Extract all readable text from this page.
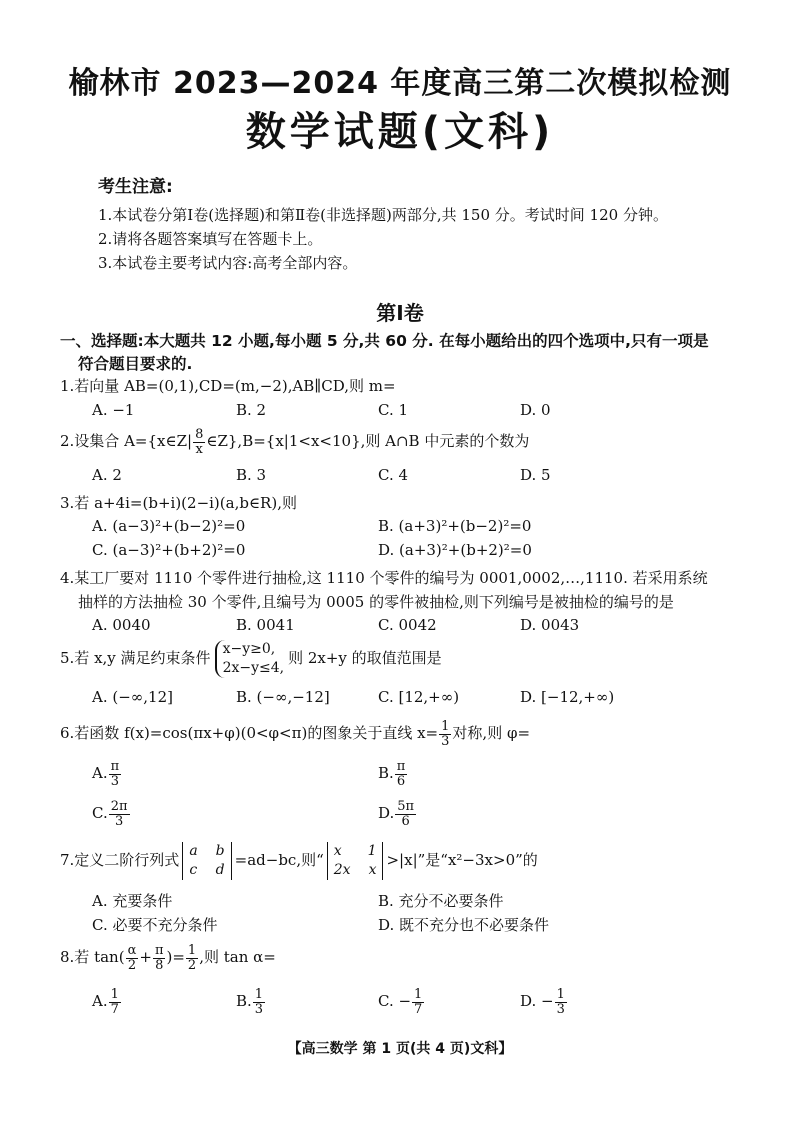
榆林市 2023—2024 年度高三第二次模拟检测
数学试题(文科)
考生注意:
1.本试卷分第Ⅰ卷(选择题)和第Ⅱ卷(非选择题)两部分,共 150 分。考试时间 120 分钟。
2.请将各题答案填写在答题卡上。
3.本试卷主要考试内容:高考全部内容。
第Ⅰ卷
一、选择题:本大题共 12 小题,每小题 5 分,共 60 分. 在每小题给出的四个选项中,只有一项是
符合题目要求的.
1.若向量 AB=(0,1),CD=(m,−2),AB∥CD,则 m=
A. −1	B. 2	C. 1	D. 0
2.设集合 A={x∈Z| $\frac{8}{x}$ ∈Z},B={x|1<x<10},则 A∩B 中元素的个数为
A. 2	B. 3	C. 4	D. 5
3.若 a+4i=(b+i)(2−i)(a,b∈R),则
A. (a−3)²+(b−2)²=0	B. (a+3)²+(b−2)²=0
C. (a−3)²+(b+2)²=0	D. (a+3)²+(b+2)²=0
4.某工厂要对 1110 个零件进行抽检,这 1110 个零件的编号为 0001,0002,…,1110. 若采用系统
抽样的方法抽检 30 个零件,且编号为 0005 的零件被抽检,则下列编号是被抽检的编号的是
A. 0040	B. 0041	C. 0042	D. 0043
5.若 x,y 满足约束条件 x−y≥0,
2x−y≤4,
则 2x+y 的取值范围是
A. (−∞,12]	B. (−∞,−12]	C. [12,+∞)	D. [−12,+∞)
6.若函数 f(x)=cos(πx+φ)(0<φ<π)的图象关于直线 $x= \frac{1}{3}$ 对称,则 φ=
A. $\frac{\pi}{3}$	B. $\frac{\pi}{6}$
C. $\frac{2\pi}{3}$	D. $\frac{5\pi}{6}$
7.定义二阶行列式 a b
c d
=ad−bc,则“ x 1
2x x
>|x|”是“x²−3x>0”的
A. 充要条件	B. 充分不必要条件
C. 必要不充分条件	D. 既不充分也不必要条件
8.若 $\tan( \frac{\alpha}{2} + \frac{\pi}{8}$ )= $\frac{1}{2}$ ,则 tan α=
A. $\frac{1}{7}$	B. $\frac{1}{3}$	C. − $\frac{1}{7}$	D. − $\frac{1}{3}$
【高三数学 第 1 页(共 4 页)文科】
